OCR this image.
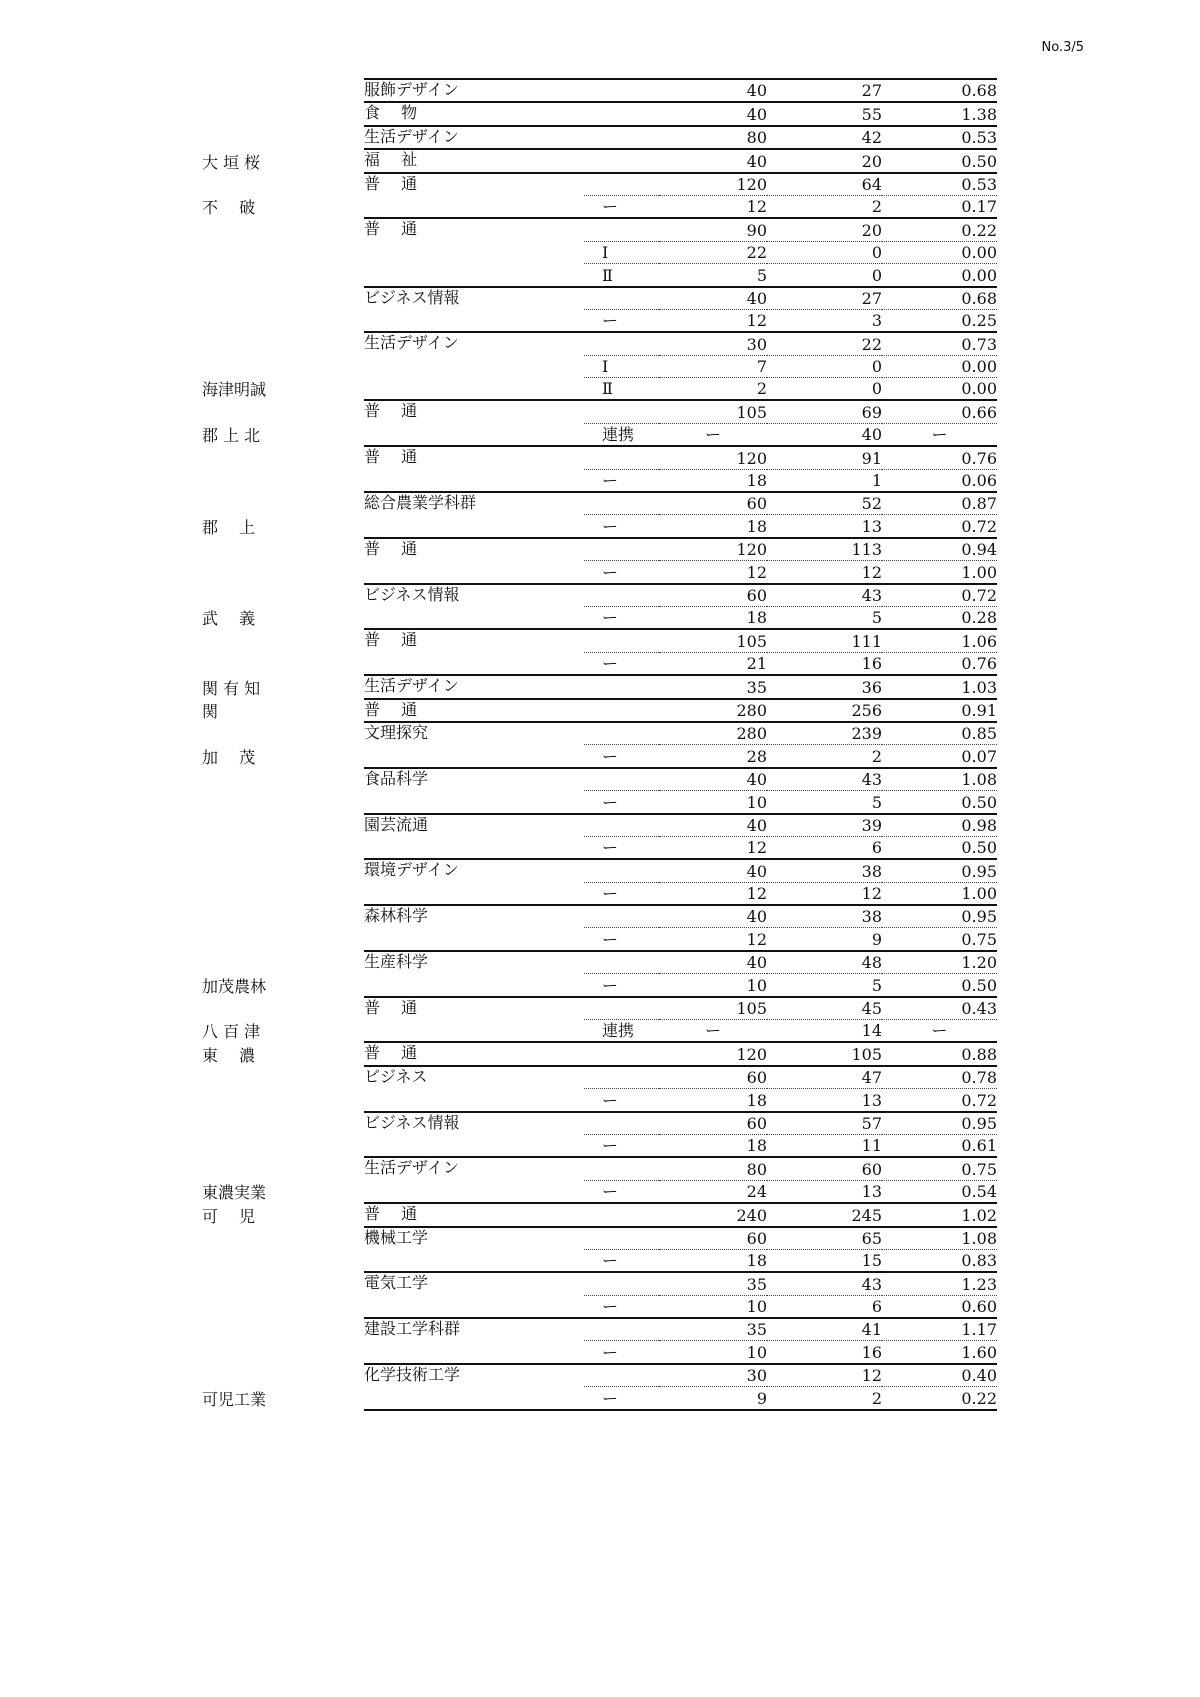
No.3/5
大 垣 桜	服飾デザイン		40	27	0.68
	食　 物		40	55	1.38
	生活デザイン		80	42	0.53
	福　 祉		40	20	0.50
不　 破	普　 通		120	64	0.53
		ー	12	2	0.17
海津明誠	普　 通		90	20	0.22
		Ⅰ	22	0	0.00
		Ⅱ	5	0	0.00
	ビジネス情報		40	27	0.68
		ー	12	3	0.25
	生活デザイン		30	22	0.73
		Ⅰ	7	0	0.00
		Ⅱ	2	0	0.00
郡 上 北	普　 通		105	69	0.66
		連携	ー	40	ー
郡　 上	普　 通		120	91	0.76
		ー	18	1	0.06
	総合農業学科群		60	52	0.87
		ー	18	13	0.72
武　 義	普　 通		120	113	0.94
		ー	12	12	1.00
	ビジネス情報		60	43	0.72
		ー	18	5	0.28
関 有 知	普　 通		105	111	1.06
		ー	21	16	0.76
	生活デザイン		35	36	1.03
関	普　 通		280	256	0.91
加　 茂	文理探究		280	239	0.85
		ー	28	2	0.07
加茂農林	食品科学		40	43	1.08
		ー	10	5	0.50
	園芸流通		40	39	0.98
		ー	12	6	0.50
	環境デザイン		40	38	0.95
		ー	12	12	1.00
	森林科学		40	38	0.95
		ー	12	9	0.75
	生産科学		40	48	1.20
		ー	10	5	0.50
八 百 津	普　 通		105	45	0.43
		連携	ー	14	ー
東　 濃	普　 通		120	105	0.88
東濃実業	ビジネス		60	47	0.78
		ー	18	13	0.72
	ビジネス情報		60	57	0.95
		ー	18	11	0.61
	生活デザイン		80	60	0.75
		ー	24	13	0.54
可　 児	普　 通		240	245	1.02
可児工業	機械工学		60	65	1.08
		ー	18	15	0.83
	電気工学		35	43	1.23
		ー	10	6	0.60
	建設工学科群		35	41	1.17
		ー	10	16	1.60
	化学技術工学		30	12	0.40
		ー	9	2	0.22
